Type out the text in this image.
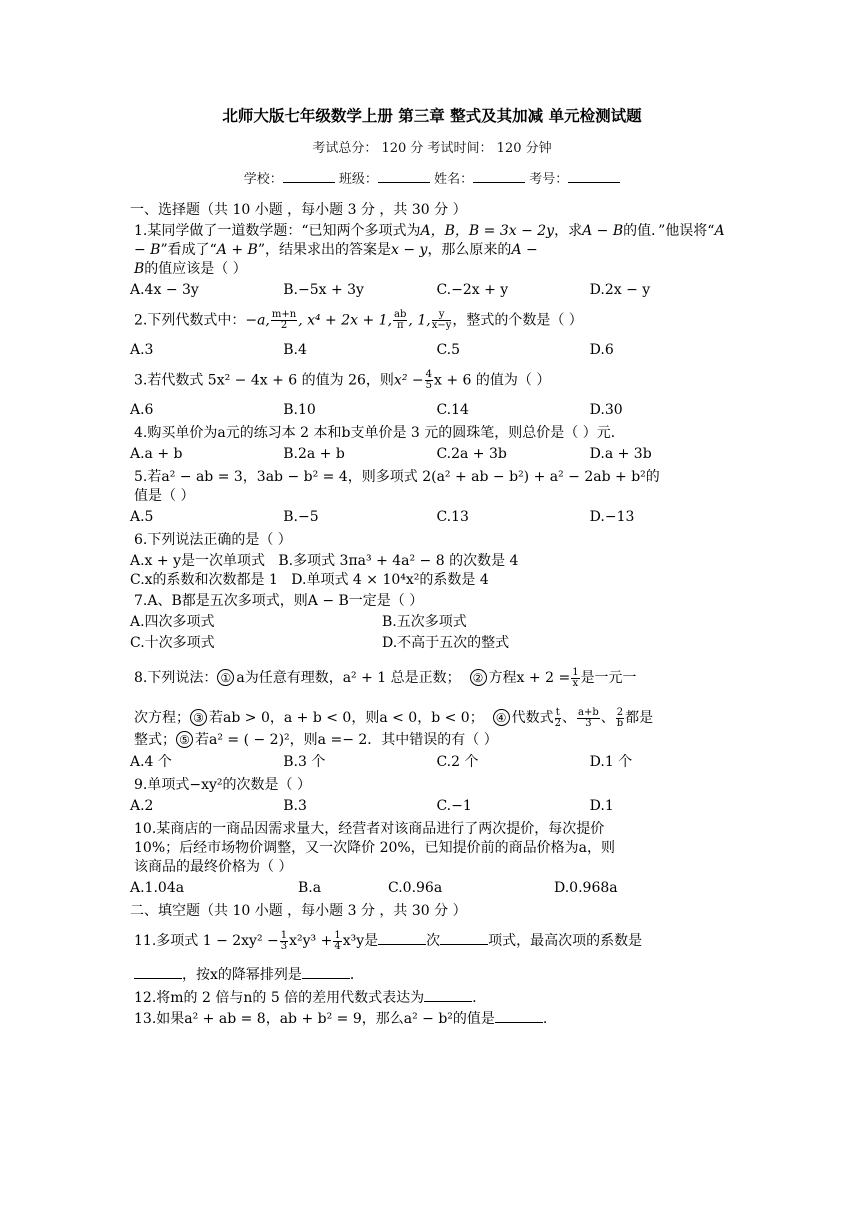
北师大版七年级数学上册 第三章 整式及其加减 单元检测试题

考试总分： 120 分 考试时间： 120 分钟

学校：	班级：	姓名：	考号：

一、选择题（共 10 小题 ，每小题 3 分 ，共 30 分 ）

1.某同学做了一道数学题：“已知两个多项式为A，B，B = 3x − 2y，求A − B的值．”他误将“A − B”看成了“A + B”，结果求出的答案是x − y，那么原来的A −
B的值应该是（ ）
A.4x − 3y	B.−5x + 3y	C.−2x + y	D.2x − y
2.下列代数式中：−a, $\frac{m+n}{2}$ , x⁴ + 2x + 1, $\frac{ab}{\pi}$ , 1, $\frac{y}{x-y}$ ，整式的个数是（ ）
A.3	B.4	C.5	D.6
3.若代数式 5x² − 4x + 6 的值为 26，则$x^2 - \frac{4}{5}$ x + 6 的值为（ ）
A.6	B.10	C.14	D.30
4.购买单价为a元的练习本 2 本和b支单价是 3 元的圆珠笔，则总价是（ ）元．
A.a + b	B.2a + b	C.2a + 3b	D.a + 3b
5.若a² − ab = 3，3ab − b² = 4，则多项式 2(a² + ab − b²) + a² − 2ab + b²的
值是（ ）
A.5	B.−5	C.13	D.−13
6.下列说法正确的是（ ）
A.x + y是一次单项式 B.多项式 3πa³ + 4a² − 8 的次数是 4
C.x的系数和次数都是 1 D.单项式 4 × 10⁴x²的系数是 4
7.A、B都是五次多项式，则A − B一定是（ ）
A.四次多项式	B.五次多项式
C.十次多项式	D.不高于五次的整式
8.下列说法： ① a为任意有理数，a² + 1 总是正数； ② 方程$x + 2 = \frac{1}{x}$ 是一元一
次方程； ③ 若ab > 0，a + b < 0，则a < 0，b < 0； ④ 代数式 $\frac{t}{2}$ 、 $\frac{a+b}{3}$ 、 $\frac{2}{b}$ 都是
整式； ⑤ 若a² = ( − 2)²，则a =− 2．其中错误的有（ ）
A.4 个	B.3 个	C.2 个	D.1 个
9.单项式−xy²的次数是（ ）
A.2	B.3	C.−1	D.1
10.某商店的一商品因需求量大，经营者对该商品进行了两次提价，每次提价
10%；后经市场物价调整，又一次降价 20%，已知提价前的商品价格为a，则
该商品的最终价格为（ ）
A.1.04a	B.a	C.0.96a	D.0.968a

二、填空题（共 10 小题 ，每小题 3 分 ，共 30 分 ）

11.多项式 $1 - 2xy^2 - \frac{1}{3} x^2y^3 + \frac{1}{4} x^3y$是	次	项式，最高次项的系数是

，按x的降幂排列是	．
12.将m的 2 倍与n的 5 倍的差用代数式表达为	.
13.如果a² + ab = 8，ab + b² = 9，那么a² − b²的值是	.
